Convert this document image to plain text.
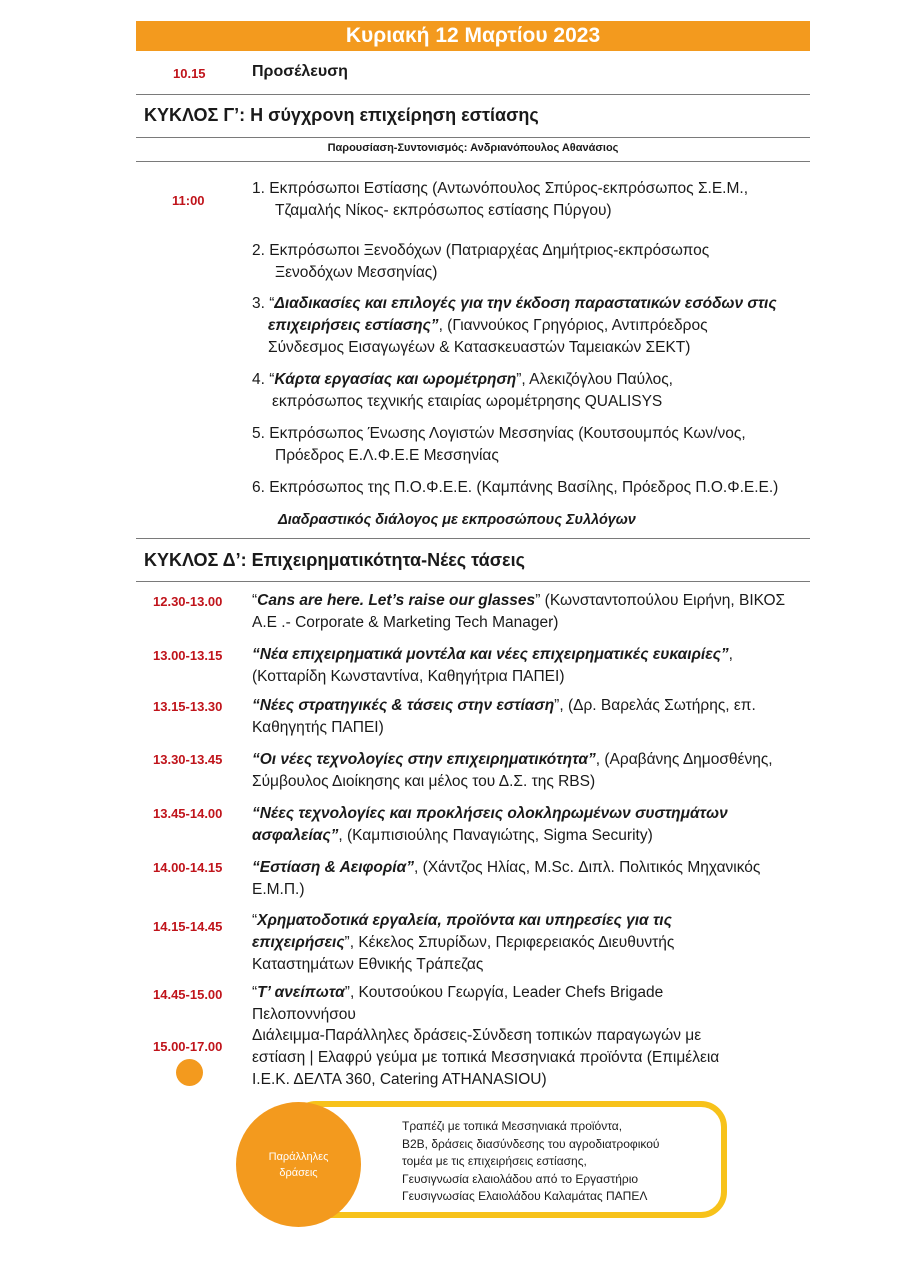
Κυριακή 12 Μαρτίου 2023
10.15	Προσέλευση
ΚΥΚΛΟΣ Γ’: Η σύγχρονη επιχείρηση εστίασης
Παρουσίαση-Συντονισμός: Ανδριανόπουλος Αθανάσιος
11:00
1. Εκπρόσωποι Εστίασης (Αντωνόπουλος Σπύρος-εκπρόσωπος Σ.Ε.Μ.,
Τζαμαλής Νίκος- εκπρόσωπος εστίασης Πύργου)
2. Εκπρόσωποι Ξενοδόχων (Πατριαρχέας Δημήτριος-εκπρόσωπος
Ξενοδόχων Μεσσηνίας)
3. “Διαδικασίες και επιλογές για την έκδοση παραστατικών εσόδων στις
επιχειρήσεις εστίασης”, (Γιαννούκος Γρηγόριος, Αντιπρόεδρος
Σύνδεσμος Εισαγωγέων & Κατασκευαστών Ταμειακών ΣΕΚΤ)
4. “Κάρτα εργασίας και ωρομέτρηση”, Αλεκιζόγλου Παύλος,
εκπρόσωπος τεχνικής εταιρίας ωρομέτρησης QUALISYS
5. Εκπρόσωπος Ένωσης Λογιστών Μεσσηνίας (Κουτσουμπός Κων/νος,
Πρόεδρος Ε.Λ.Φ.Ε.Ε Μεσσηνίας
6. Εκπρόσωπος της Π.Ο.Φ.Ε.Ε. (Καμπάνης Βασίλης, Πρόεδρος Π.Ο.Φ.Ε.Ε.)
Διαδραστικός διάλογος με εκπροσώπους Συλλόγων
ΚΥΚΛΟΣ Δ’: Επιχειρηματικότητα-Νέες τάσεις
12.30-13.00 “Cans are here. Let’s raise our glasses” (Κωνσταντοπούλου Ειρήνη, ΒΙΚΟΣ
Α.Ε .- Corporate & Marketing Tech Manager)
13.00-13.15 “Νέα επιχειρηματικά μοντέλα και νέες επιχειρηματικές ευκαιρίες”,
(Κοτταρίδη Κωνσταντίνα, Καθηγήτρια ΠΑΠΕΙ)
13.15-13.30 “Νέες στρατηγικές & τάσεις στην εστίαση”, (Δρ. Βαρελάς Σωτήρης, επ.
Καθηγητής ΠΑΠΕΙ)
13.30-13.45 “Οι νέες τεχνολογίες στην επιχειρηματικότητα”, (Αραβάνης Δημοσθένης,
Σύμβουλος Διοίκησης και μέλος του Δ.Σ. της RBS)
13.45-14.00 “Νέες τεχνολογίες και προκλήσεις ολοκληρωμένων συστημάτων
ασφαλείας”, (Καμπισιούλης Παναγιώτης, Sigma Security)
14.00-14.15 “Εστίαση & Αειφορία”, (Χάντζος Ηλίας, M.Sc. Διπλ. Πολιτικός Μηχανικός
Ε.Μ.Π.)
14.15-14.45 “Χρηματοδοτικά εργαλεία, προϊόντα και υπηρεσίες για τις
επιχειρήσεις”, Κέκελος Σπυρίδων, Περιφερειακός Διευθυντής
Καταστημάτων Εθνικής Τράπεζας
14.45-15.00 “Τ’ ανείπωτα”, Κουτσούκου Γεωργία, Leader Chefs Brigade
Πελοποννήσου
15.00-17.00
Διάλειμμα-Παράλληλες δράσεις-Σύνδεση τοπικών παραγωγών με
εστίαση | Ελαφρύ γεύμα με τοπικά Μεσσηνιακά προϊόντα (Επιμέλεια
Ι.Ε.Κ. ΔΕΛΤΑ 360, Catering ATHANASIOU)
Παράλληλες
δράσεις
Τραπέζι με τοπικά Μεσσηνιακά προϊόντα,
B2B, δράσεις διασύνδεσης του αγροδιατροφικού
τομέα με τις επιχειρήσεις εστίασης,
Γευσιγνωσία ελαιολάδου από το Εργαστήριο
Γευσιγνωσίας Ελαιολάδου Καλαμάτας ΠΑΠΕΛ
